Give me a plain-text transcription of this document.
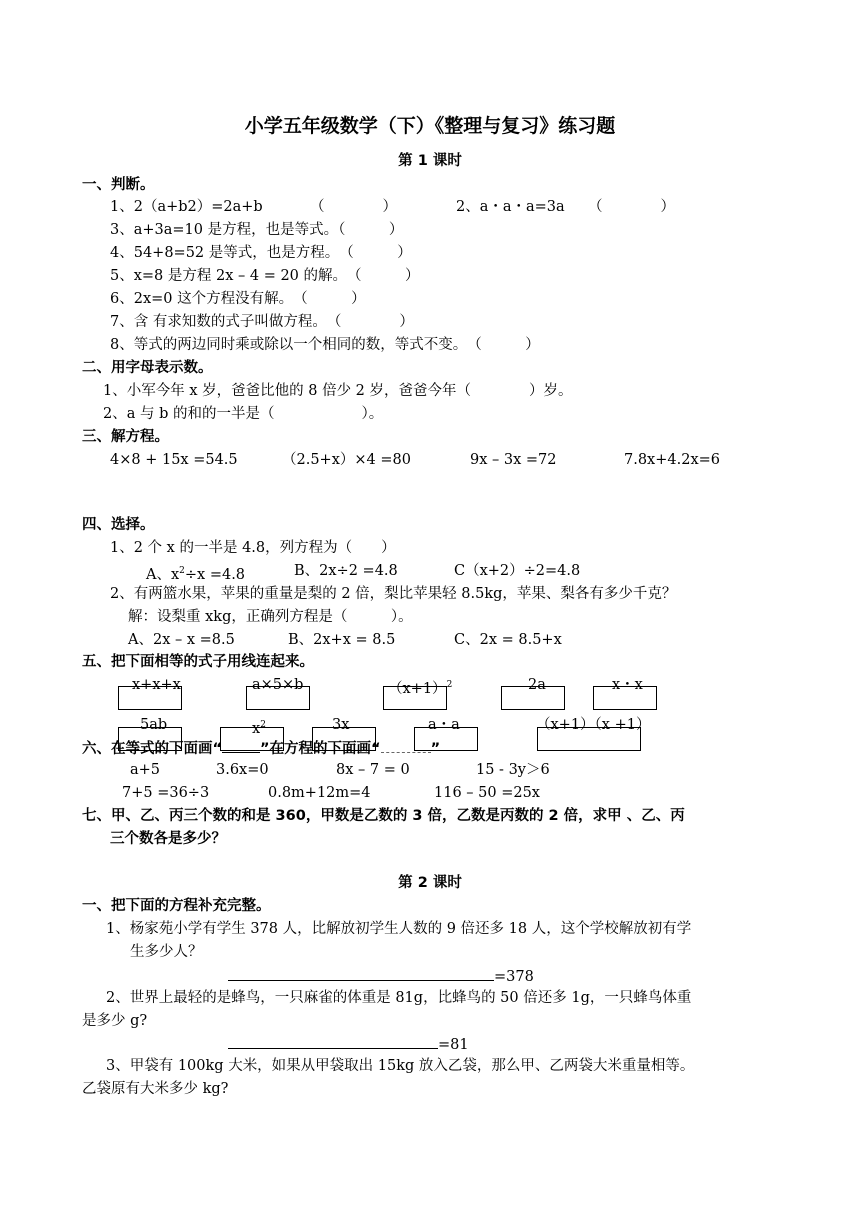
小学五年级数学（下）《整理与复习》练习题
第 1 课时
一、判断。
1、2（a+b2）=2a+b	（　　　　）	2、a・a・a=3a （　　　　）
3、a+3a=10 是方程，也是等式。（　　　）
4、54+8=52 是等式，也是方程。　（　　　）
5、x=8 是方程 2x – 4 = 20 的解。　（　　　）
6、2x=0 这个方程没有解。　（　　　）
7、含 有求知数的式子叫做方程。　（　　　　）
8、等式的两边同时乘或除以一个相同的数，等式不变。　（　　　）
二、用字母表示数。
1、小军今年 x 岁，爸爸比他的 8 倍少 2 岁，爸爸今年（　　　　）岁。
2、a 与 b 的和的一半是（　　　　　　）。
三、解方程。
4×8 + 15x =54.5	（2.5+x）×4 =80	9x – 3x =72	7.8x+4.2x=6
四、选择。
1、2 个 x 的一半是 4.8，列方程为（　　）
A、$x^2\div x =4.8$	B、2x÷2 =4.8	C（x+2）÷2=4.8
2、有两篮水果，苹果的重量是梨的 2 倍，梨比苹果轻 8.5kg，苹果、梨各有多少千克？
解：设梨重 xkg，正确列方程是（　　　）。
A、2x – x =8.5	B、2x+x = 8.5	C、2x = 8.5+x
五、把下面相等的式子用线连起来。
x+x+x	a×5×b	$(x+1)^2$	2a	x・x
5ab	$x^2$	3x	a・a	（x+1）（x +1）
六、在等式的下面画“	”在方程的下面画“	”
a+5	3.6x=0	8x – 7 = 0	15 - 3y＞6
7+5 =36÷3	0.8m+12m=4	116 – 50 =25x
七、甲、乙、丙三个数的和是 360，甲数是乙数的 3 倍，乙数是丙数的 2 倍，求甲 、乙、丙
三个数各是多少？
第 2 课时
一、把下面的方程补充完整。
1、杨家苑小学有学生 378 人，比解放初学生人数的 9 倍还多 18 人，这个学校解放初有学
生多少人？
=378
2、世界上最轻的是蜂鸟，一只麻雀的体重是 81g，比蜂鸟的 50 倍还多 1g，一只蜂鸟体重
是多少 g?
=81
3、甲袋有 100kg 大米，如果从甲袋取出 15kg 放入乙袋，那么甲、乙两袋大米重量相等。
乙袋原有大米多少 kg?
